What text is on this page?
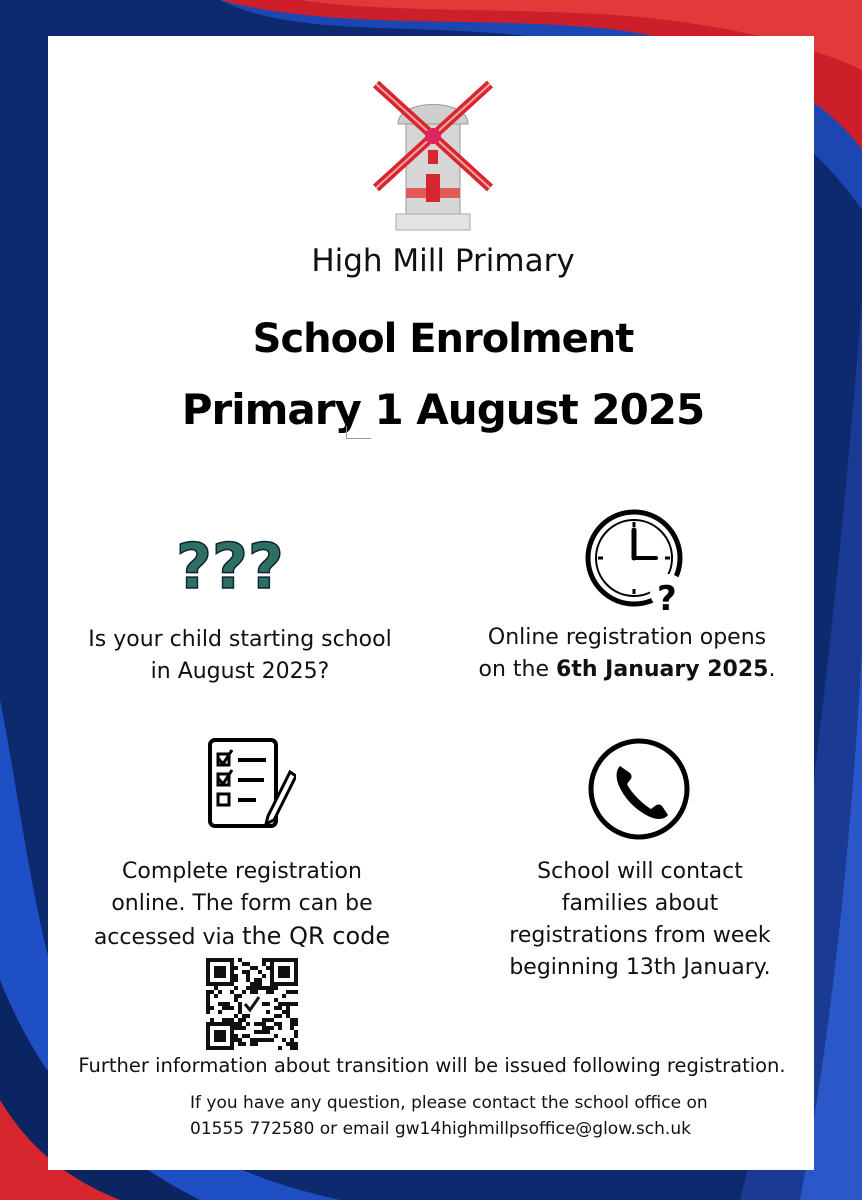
High Mill Primary
School Enrolment
Primary 1 August 2025
???
Is your child starting school
in August 2025?
?
Online registration opens
on the 6th January 2025.
Complete registration
online. The form can be
accessed via the QR code
School will contact
families about
registrations from week
beginning 13th January.
Further information about transition will be issued following registration.
If you have any question, please contact the school office on
01555 772580 or email gw14highmillpsoffice@glow.sch.uk
